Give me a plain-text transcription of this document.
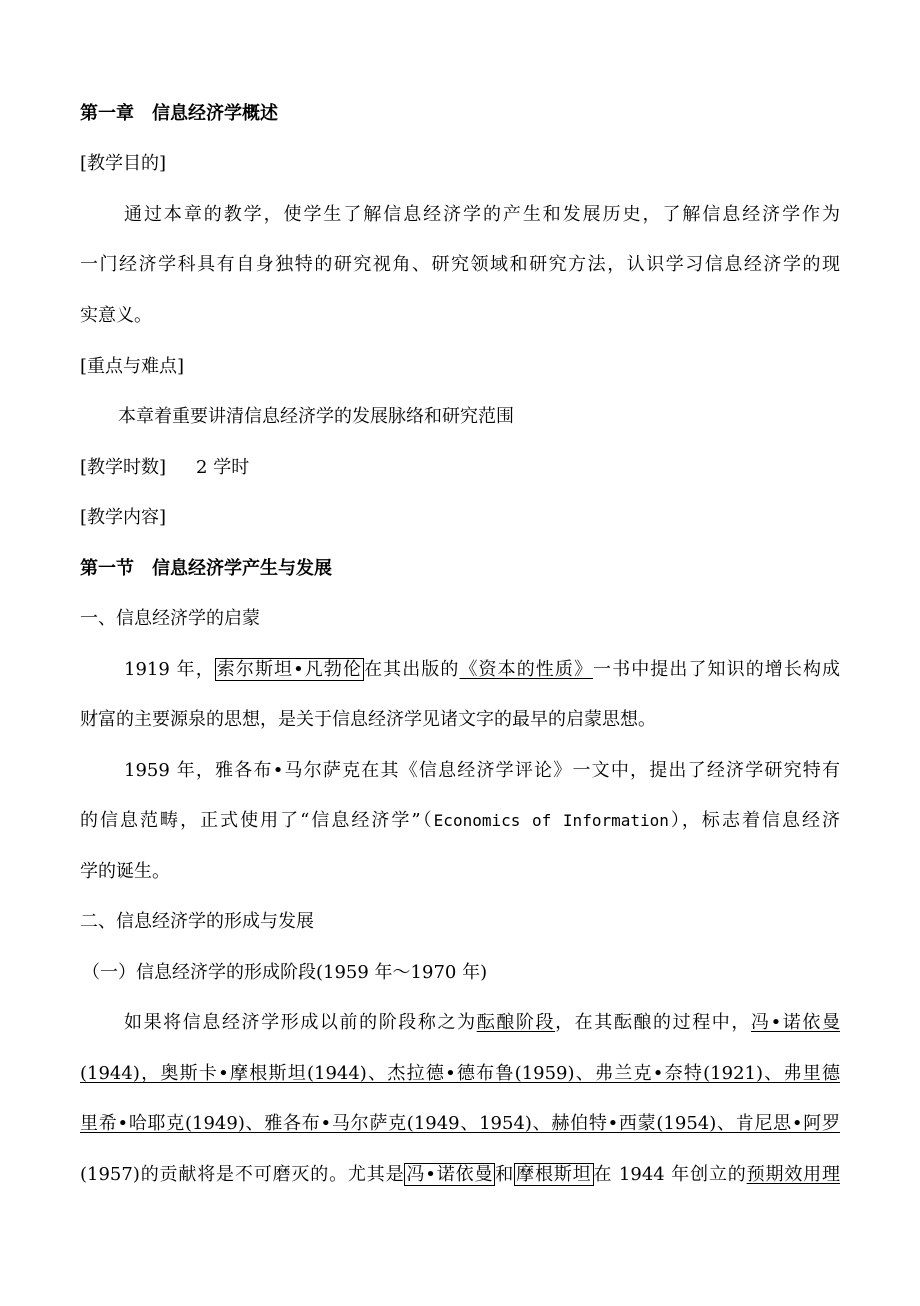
第一章　信息经济学概述
[教学目的]
通过本章的教学，使学生了解信息经济学的产生和发展历史，了解信息经济学作为
一门经济学科具有自身独特的研究视角、研究领域和研究方法，认识学习信息经济学的现
实意义。
[重点与难点]
本章着重要讲清信息经济学的发展脉络和研究范围
[教学时数] 2 学时
[教学内容]
第一节　信息经济学产生与发展
一、信息经济学的启蒙
1919 年， 索尔斯坦•凡勃伦 在其出版的《资本的性质》一书中提出了知识的增长构成
财富的主要源泉的思想，是关于信息经济学见诸文字的最早的启蒙思想。
1959 年，雅各布•马尔萨克在其《信息经济学评论》一文中，提出了经济学研究特有
的信息范畴，正式使用了“信息经济学”（Economics of Information），标志着信息经济
学的诞生。
二、信息经济学的形成与发展
（一）信息经济学的形成阶段(1959 年～1970 年)
如果将信息经济学形成以前的阶段称之为酝酿阶段，在其酝酿的过程中，冯•诺依曼
(1944)，奥斯卡•摩根斯坦(1944)、杰拉德•德布鲁(1959)、弗兰克•奈特(1921)、弗里德
里希•哈耶克(1949)、雅各布•马尔萨克(1949、1954)、赫伯特•西蒙(1954)、肯尼思•阿罗
(1957)的贡献将是不可磨灭的。尤其是 冯•诺依曼 和 摩根斯坦 在 1944 年创立的预期效用理
